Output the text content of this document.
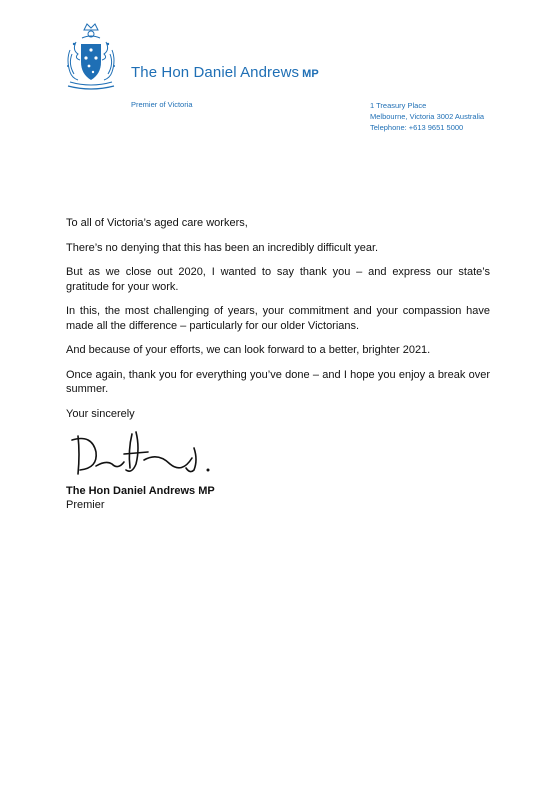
The Hon Daniel Andrews MP
Premier of Victoria	1 Treasury Place
Melbourne, Victoria 3002 Australia
Telephone: +613 9651 5000

To all of Victoria’s aged care workers,

There’s no denying that this has been an incredibly difficult year.

But as we close out 2020, I wanted to say thank you – and express our state’s gratitude for your work.

In this, the most challenging of years, your commitment and your compassion have made all the difference – particularly for our older Victorians.

And because of your efforts, we can look forward to a better, brighter 2021.

Once again, thank you for everything you’ve done – and I hope you enjoy a break over summer.

Your sincerely

The Hon Daniel Andrews MP
Premier
